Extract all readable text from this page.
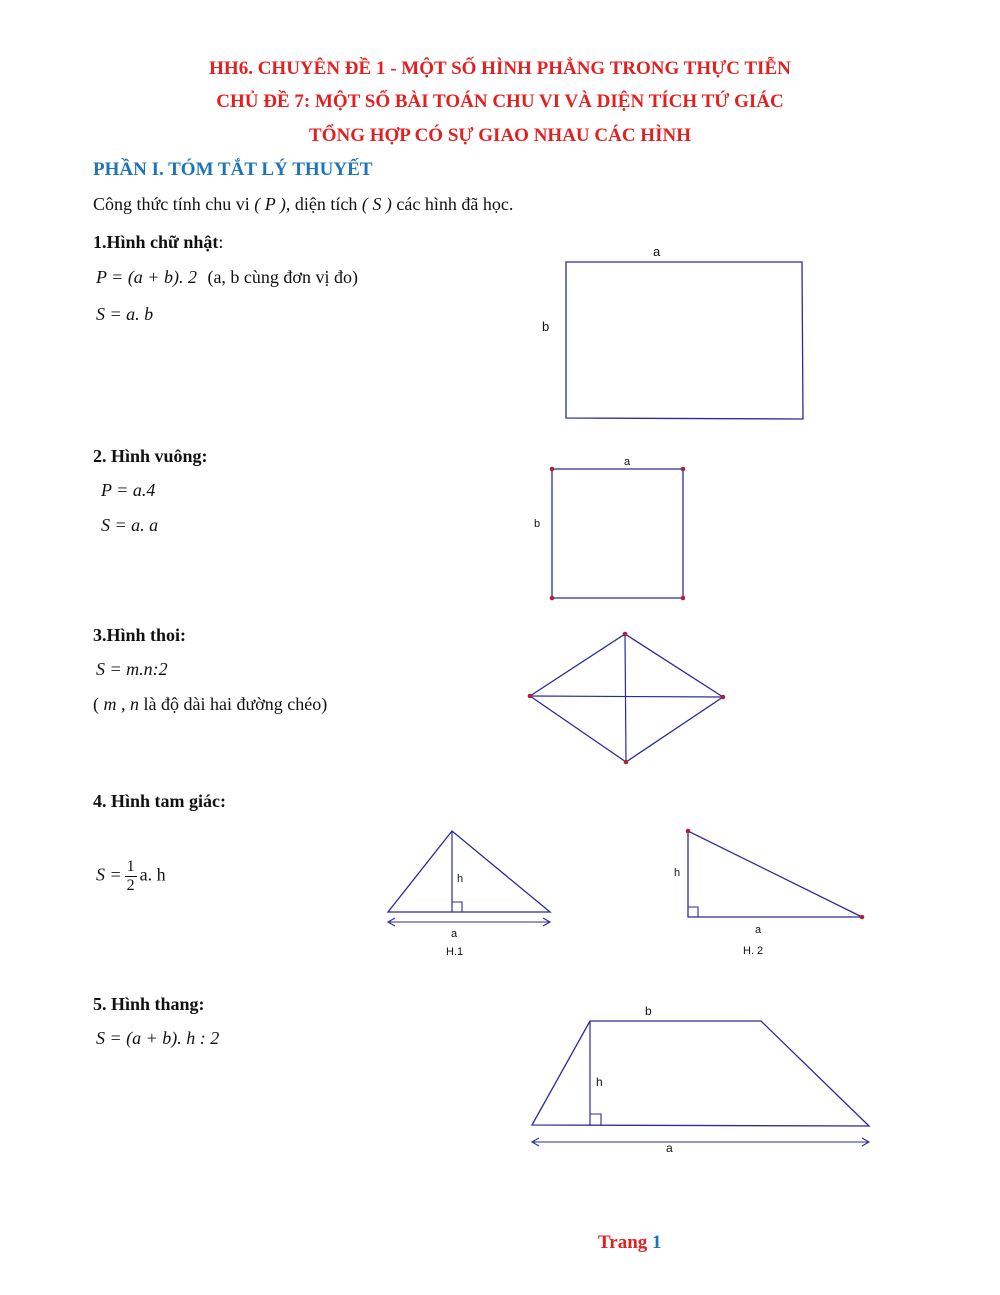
HH6. CHUYÊN ĐỀ 1 - MỘT SỐ HÌNH PHẲNG TRONG THỰC TIỄN
CHỦ ĐỀ 7: MỘT SỐ BÀI TOÁN CHU VI VÀ DIỆN TÍCH TỨ GIÁC
TỔNG HỢP CÓ SỰ GIAO NHAU CÁC HÌNH
PHẦN I. TÓM TẮT LÝ THUYẾT
Công thức tính chu vi ( P ), diện tích ( S ) các hình đã học.
1.Hình chữ nhật:
P = (a + b). 2 (a, b cùng đơn vị đo)
S = a. b
a
b
a
b
h
a
H.1
h
a
H. 2
b
h
a
2. Hình vuông:
P = a.4
S = a. a
3.Hình thoi:
S = m.n:2
( m , n là độ dài hai đường chéo)
4. Hình tam giác:
$S = \frac{1}{2} a$. h
5. Hình thang:
S = (a + b). h : 2
Trang 1
